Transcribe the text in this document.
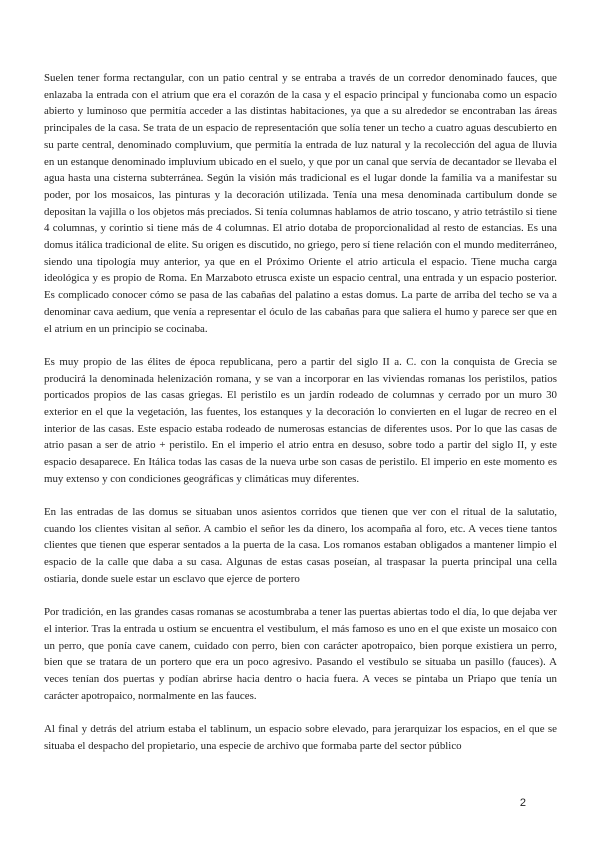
Suelen tener forma rectangular, con un patio central y se entraba a través de un corredor denominado fauces, que enlazaba la entrada con el atrium que era el corazón de la casa y el espacio principal y funcionaba como un espacio abierto y luminoso que permitía acceder a las distintas habitaciones, ya que a su alrededor se encontraban las áreas principales de la casa. Se trata de un espacio de representación que solía tener un techo a cuatro aguas descubierto en su parte central, denominado compluvium, que permitía la entrada de luz natural y la recolección del agua de lluvia en un estanque denominado impluvium ubicado en el suelo, y que por un canal que servía de decantador se llevaba el agua hasta una cisterna subterránea. Según la visión más tradicional es el lugar donde la familia va a manifestar su poder, por los mosaicos, las pinturas y la decoración utilizada. Tenía una mesa denominada cartibulum donde se depositan la vajilla o los objetos más preciados. Si tenía columnas hablamos de atrio toscano, y atrio tetrástilo si tiene 4 columnas, y corintio si tiene más de 4 columnas. El atrio dotaba de proporcionalidad al resto de estancias. Es una domus itálica tradicional de elite. Su origen es discutido, no griego, pero sí tiene relación con el mundo mediterráneo, siendo una tipología muy anterior, ya que en el Próximo Oriente el atrio articula el espacio. Tiene mucha carga ideológica y es propio de Roma. En Marzaboto etrusca existe un espacio central, una entrada y un espacio posterior. Es complicado conocer cómo se pasa de las cabañas del palatino a estas domus. La parte de arriba del techo se va a denominar cava aedium, que venía a representar el óculo de las cabañas para que saliera el humo y parece ser que en el atrium en un principio se cocinaba.

Es muy propio de las élites de época republicana, pero a partir del siglo II a. C. con la conquista de Grecia se producirá la denominada helenización romana, y se van a incorporar en las viviendas romanas los peristilos, patios porticados propios de las casas griegas. El peristilo es un jardín rodeado de columnas y cerrado por un muro 30 exterior en el que la vegetación, las fuentes, los estanques y la decoración lo convierten en el lugar de recreo en el interior de las casas. Este espacio estaba rodeado de numerosas estancias de diferentes usos. Por lo que las casas de atrio pasan a ser de atrio + peristilo. En el imperio el atrio entra en desuso, sobre todo a partir del siglo II, y este espacio desaparece. En Itálica todas las casas de la nueva urbe son casas de peristilo. El imperio en este momento es muy extenso y con condiciones geográficas y climáticas muy diferentes.

En las entradas de las domus se situaban unos asientos corridos que tienen que ver con el ritual de la salutatio, cuando los clientes visitan al señor. A cambio el señor les da dinero, los acompaña al foro, etc. A veces tiene tantos clientes que tienen que esperar sentados a la puerta de la casa. Los romanos estaban obligados a mantener limpio el espacio de la calle que daba a su casa. Algunas de estas casas poseían, al traspasar la puerta principal una cella ostiaria, donde suele estar un esclavo que ejerce de portero

Por tradición, en las grandes casas romanas se acostumbraba a tener las puertas abiertas todo el día, lo que dejaba ver el interior. Tras la entrada u ostium se encuentra el vestibulum, el más famoso es uno en el que existe un mosaico con un perro, que ponía cave canem, cuidado con perro, bien con carácter apotropaico, bien porque existiera un perro, bien que se tratara de un portero que era un poco agresivo. Pasando el vestíbulo se situaba un pasillo (fauces). A veces tenían dos puertas y podían abrirse hacia dentro o hacia fuera. A veces se pintaba un Priapo que tenía un carácter apotropaico, normalmente en las fauces.

Al final y detrás del atrium estaba el tablinum, un espacio sobre elevado, para jerarquizar los espacios, en el que se situaba el despacho del propietario, una especie de archivo que formaba parte del sector público

2
